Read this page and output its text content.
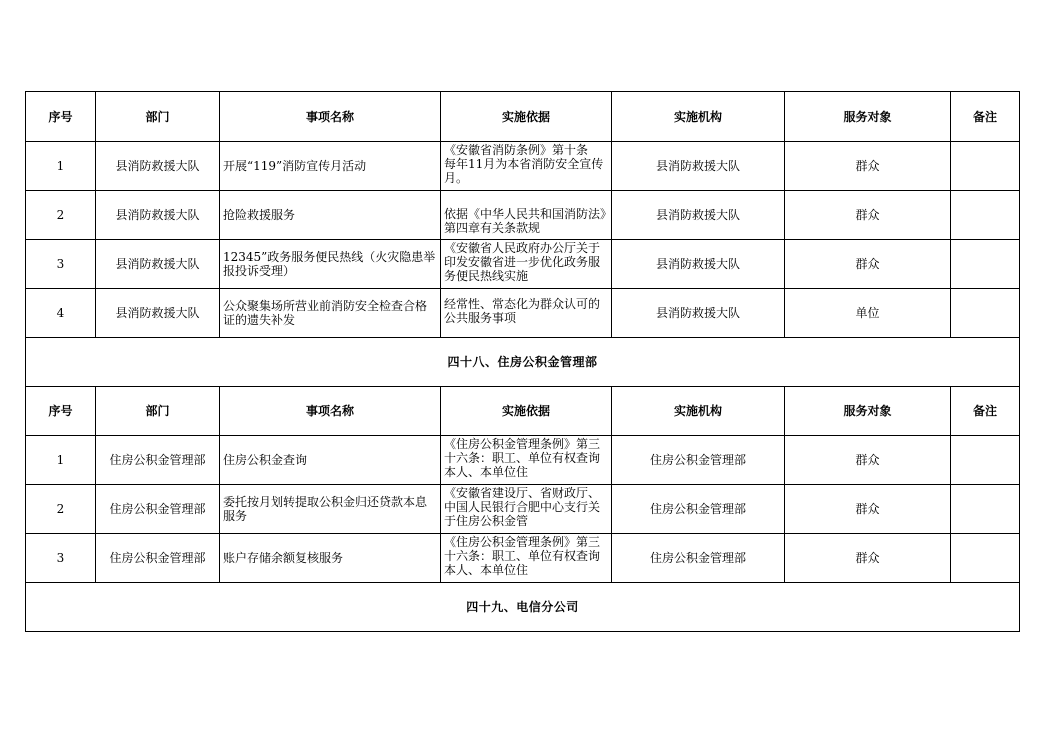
序号	部门	事项名称	实施依据	实施机构	服务对象	备注
1	县消防救援大队	开展“119”消防宣传月活动	《安徽省消防条例》第十条　每年11月为本省消防安全宣传月。	县消防救援大队	群众	
2	县消防救援大队	抢险救援服务	依据《中华人民共和国消防法》第四章有关条款规	县消防救援大队	群众	
3	县消防救援大队	12345”政务服务便民热线（火灾隐患举报投诉受理）	《安徽省人民政府办公厅关于印发安徽省进一步优化政务服务便民热线实施	县消防救援大队	群众	
4	县消防救援大队	公众聚集场所营业前消防安全检查合格证的遗失补发	经常性、常态化为群众认可的公共服务事项	县消防救援大队	单位	
四十八、住房公积金管理部						
序号	部门	事项名称	实施依据	实施机构	服务对象	备注
1	住房公积金管理部	住房公积金查询	《住房公积金管理条例》第三十六条：职工、单位有权查询本人、本单位住	住房公积金管理部	群众	
2	住房公积金管理部	委托按月划转提取公积金归还贷款本息服务	《安徽省建设厅、省财政厅、中国人民银行合肥中心支行关于住房公积金管	住房公积金管理部	群众	
3	住房公积金管理部	账户存储余额复核服务	《住房公积金管理条例》第三十六条：职工、单位有权查询本人、本单位住	住房公积金管理部	群众	
四十九、电信分公司						
